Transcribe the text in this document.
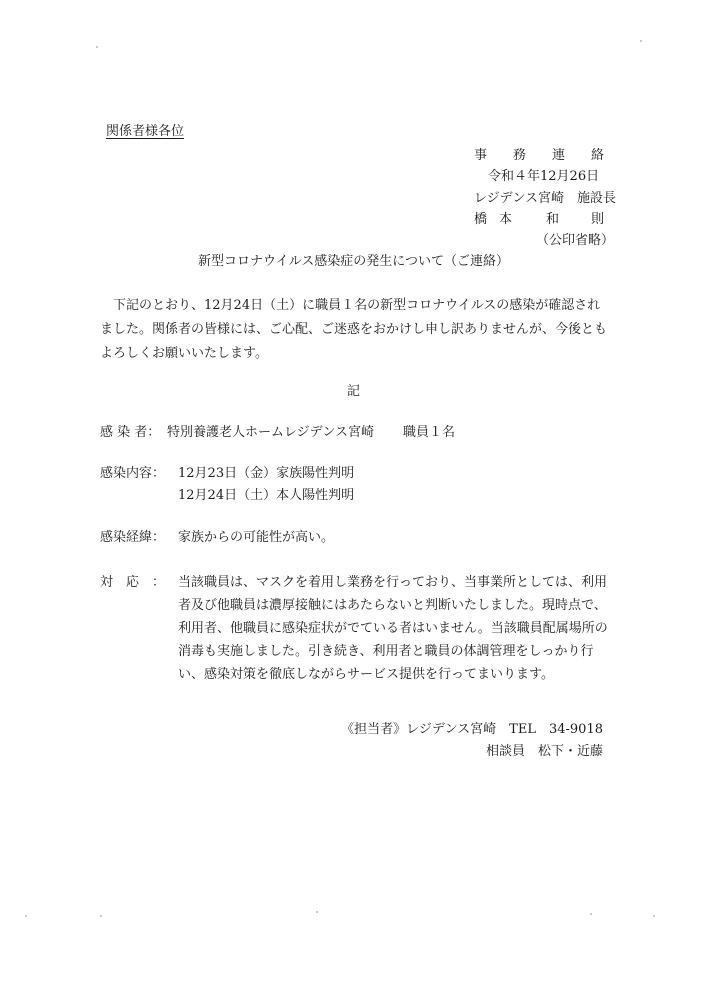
関係者様各位
事 務 連 絡
令和４年12月26日
レジデンス宮崎　施設長
橋 本	和 則
（公印省略）
新型コロナウイルス感染症の発生について（ご連絡）
下記のとおり、12月24日（土）に職員１名の新型コロナウイルスの感染が確認されました。関係者の皆様には、ご心配、ご迷惑をおかけし申し訳ありませんが、今後ともよろしくお願いいたします。
記
感 染 者： 特別養護老人ホームレジデンス宮崎 職員１名
感染内容： 12月23日（金）家族陽性判明
12月24日（土）本人陽性判明
感染経緯： 家族からの可能性が高い。
対　応　： 当該職員は、マスクを着用し業務を行っており、当事業所としては、利用者及び他職員は濃厚接触にはあたらないと判断いたしました。現時点で、利用者、他職員に感染症状がでている者はいません。当該職員配属場所の消毒も実施しました。引き続き、利用者と職員の体調管理をしっかり行い、感染対策を徹底しながらサービス提供を行ってまいります。
《担当者》レジデンス宮崎　TEL　34-9018
相談員　松下・近藤
